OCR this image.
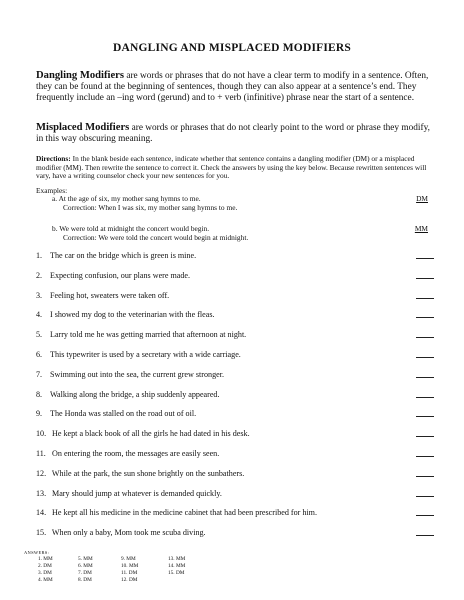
DANGLING AND MISPLACED MODIFIERS
Dangling Modifiers are words or phrases that do not have a clear term to modify in a sentence. Often, they can be found at the beginning of sentences, though they can also appear at a sentence’s end. They frequently include an –ing word (gerund) and to + verb (infinitive) phrase near the start of a sentence.
Misplaced Modifiers are words or phrases that do not clearly point to the word or phrase they modify, in this way obscuring meaning.
Directions: In the blank beside each sentence, indicate whether that sentence contains a dangling modifier (DM) or a misplaced modifier (MM). Then rewrite the sentence to correct it. Check the answers by using the key below. Because rewritten sentences will vary, have a writing counselor check your new sentences for you.
Examples:
a. At the age of six, my mother sang hymns to me.
Correction: When I was six, my mother sang hymns to me.
DM
b. We were told at midnight the concert would begin.
Correction: We were told the concert would begin at midnight.
MM
1. The car on the bridge which is green is mine.
2. Expecting confusion, our plans were made.
3. Feeling hot, sweaters were taken off.
4. I showed my dog to the veterinarian with the fleas.
5. Larry told me he was getting married that afternoon at night.
6. This typewriter is used by a secretary with a wide carriage.
7. Swimming out into the sea, the current grew stronger.
8. Walking along the bridge, a ship suddenly appeared.
9. The Honda was stalled on the road out of oil.
10. He kept a black book of all the girls he had dated in his desk.
11. On entering the room, the messages are easily seen.
12. While at the park, the sun shone brightly on the sunbathers.
13. Mary should jump at whatever is demanded quickly.
14. He kept all his medicine in the medicine cabinet that had been prescribed for him.
15. When only a baby, Mom took me scuba diving.
ANSWERS:
1. MM
2. DM
3. DM
4. MM
5. MM
6. MM
7. DM
8. DM
9. MM
10. MM
11. DM
12. DM
13. MM
14. MM
15. DM
